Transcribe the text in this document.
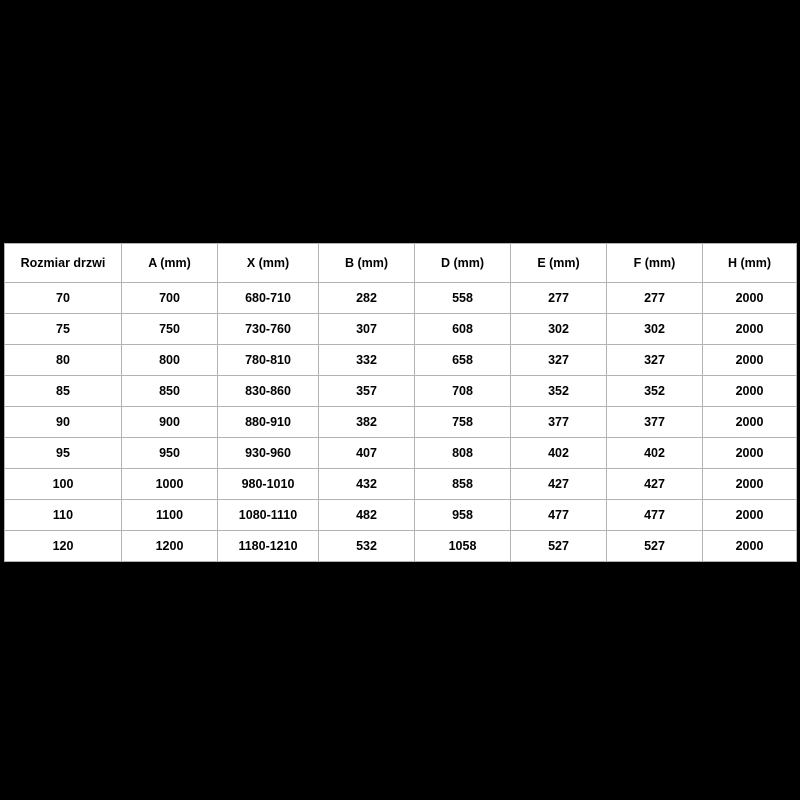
Rozmiar drzwi	A (mm)	X (mm)	B (mm)	D (mm)	E (mm)	F (mm)	H (mm)
70	700	680-710	282	558	277	277	2000
75	750	730-760	307	608	302	302	2000
80	800	780-810	332	658	327	327	2000
85	850	830-860	357	708	352	352	2000
90	900	880-910	382	758	377	377	2000
95	950	930-960	407	808	402	402	2000
100	1000	980-1010	432	858	427	427	2000
110	1100	1080-1110	482	958	477	477	2000
120	1200	1180-1210	532	1058	527	527	2000
